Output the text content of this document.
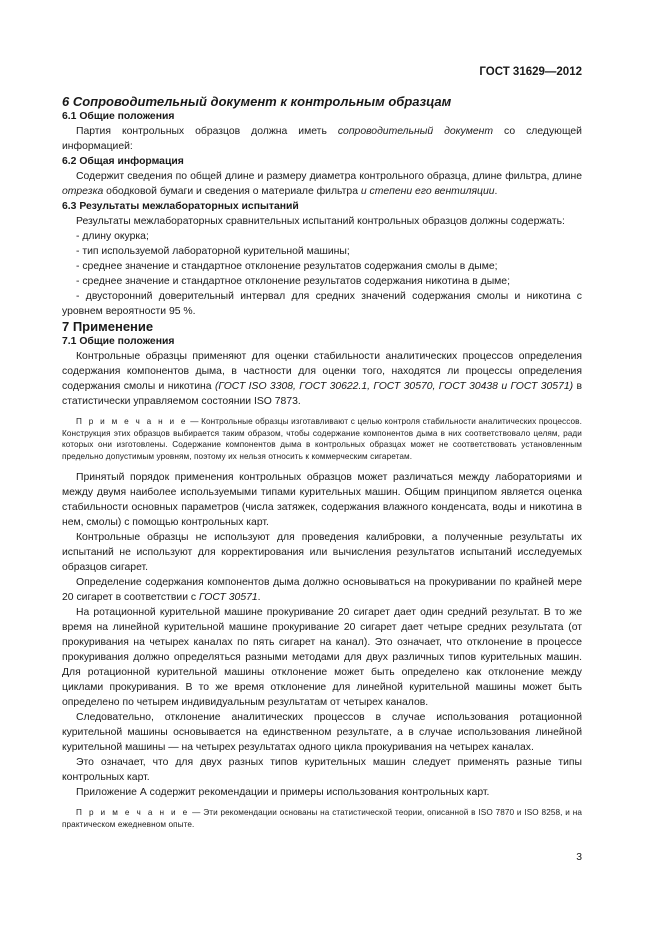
ГОСТ 31629—2012

6 Сопроводительный документ к контрольным образцам

6.1 Общие положения

Партия контрольных образцов должна иметь сопроводительный документ со следующей информацией:

6.2 Общая информация

Содержит сведения по общей длине и размеру диаметра контрольного образца, длине фильтра, длине отрезка ободковой бумаги и сведения о материале фильтра и степени его вентиляции.

6.3 Результаты межлабораторных испытаний

Результаты межлабораторных сравнительных испытаний контрольных образцов должны содержать:

- длину окурка;

- тип используемой лабораторной курительной машины;

- среднее значение и стандартное отклонение результатов содержания смолы в дыме;

- среднее значение и стандартное отклонение результатов содержания никотина в дыме;

- двусторонний доверительный интервал для средних значений содержания смолы и никотина с уровнем вероятности 95 %.

7 Применение

7.1 Общие положения

Контрольные образцы применяют для оценки стабильности аналитических процессов определения содержания компонентов дыма, в частности для оценки того, находятся ли процессы определения содержания смолы и никотина (ГОСТ ISO 3308, ГОСТ 30622.1, ГОСТ 30570, ГОСТ 30438 и ГОСТ 30571) в статистически управляемом состоянии ISO 7873.

П р и м е ч а н и е — Контрольные образцы изготавливают с целью контроля стабильности аналитических процессов. Конструкция этих образцов выбирается таким образом, чтобы содержание компонентов дыма в них соответствовало целям, ради которых они изготовлены. Содержание компонентов дыма в контрольных образцах может не соответствовать установленным предельно допустимым уровням, поэтому их нельзя относить к коммерческим сигаретам.

Принятый порядок применения контрольных образцов может различаться между лабораториями и между двумя наиболее используемыми типами курительных машин. Общим принципом является оценка стабильности основных параметров (числа затяжек, содержания влажного конденсата, воды и никотина в нем, смолы) с помощью контрольных карт.

Контрольные образцы не используют для проведения калибровки, а полученные результаты их испытаний не используют для корректирования или вычисления результатов испытаний исследуемых образцов сигарет.

Определение содержания компонентов дыма должно основываться на прокуривании по крайней мере 20 сигарет в соответствии с ГОСТ 30571.

На ротационной курительной машине прокуривание 20 сигарет дает один средний результат. В то же время на линейной курительной машине прокуривание 20 сигарет дает четыре средних результата (от прокуривания на четырех каналах по пять сигарет на канал). Это означает, что отклонение в процессе прокуривания должно определяться разными методами для двух различных типов курительных машин. Для ротационной курительной машины отклонение может быть определено как отклонение между циклами прокуривания. В то же время отклонение для линейной курительной машины может быть определено по четырем индивидуальным результатам от четырех каналов.

Следовательно, отклонение аналитических процессов в случае использования ротационной курительной машины основывается на единственном результате, а в случае использования линейной курительной машины — на четырех результатах одного цикла прокуривания на четырех каналах.

Это означает, что для двух разных типов курительных машин следует применять разные типы контрольных карт.

Приложение А содержит рекомендации и примеры использования контрольных карт.

П р и м е ч а н и е — Эти рекомендации основаны на статистической теории, описанной в ISO 7870 и ISO 8258, и на практическом ежедневном опыте.

3
